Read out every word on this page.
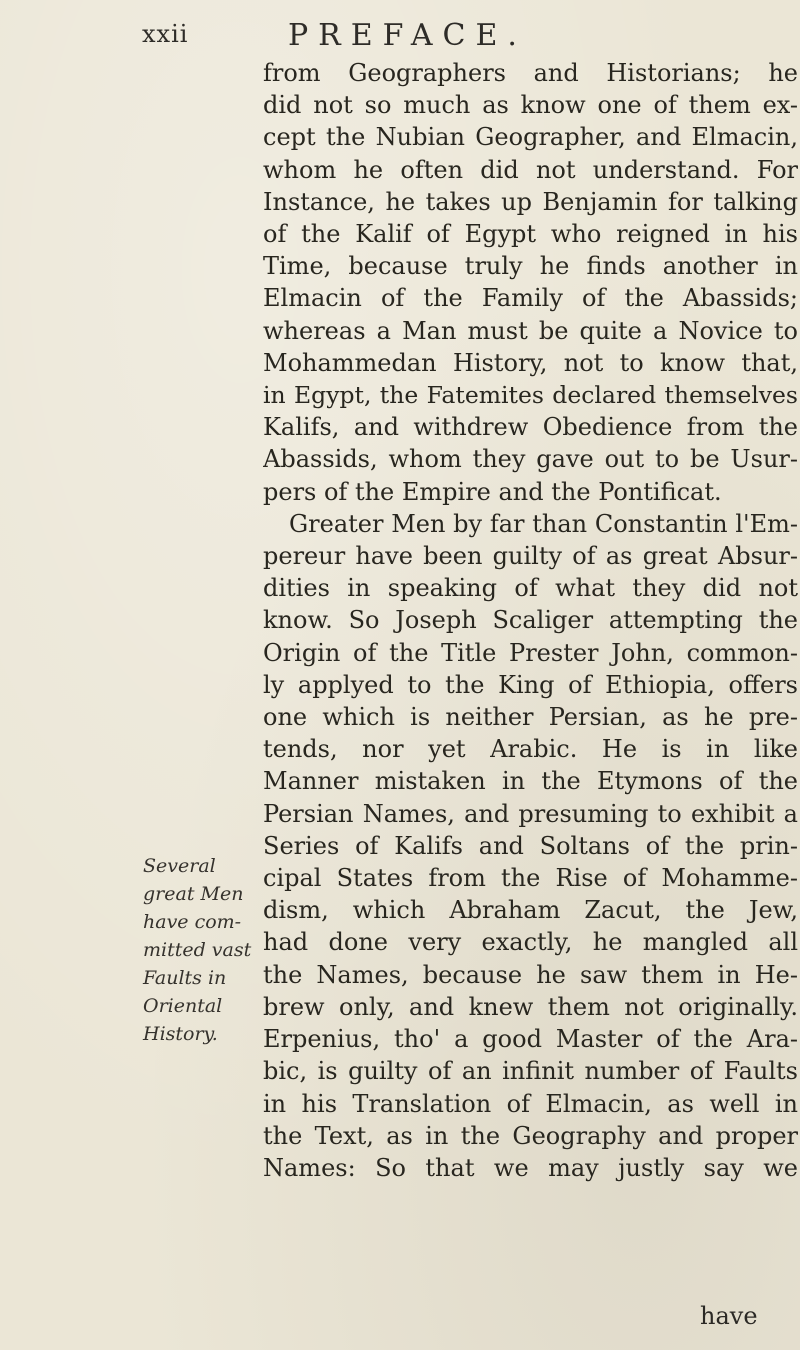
xxii	PREFACE.
Several
great Men
have com-
mitted vast
Faults in
Oriental
History.
from Geographers and Historians; he
did not so much as know one of them ex-
cept the Nubian Geographer, and Elmacin,
whom he often did not understand. For
Instance, he takes up Benjamin for talking
of the Kalif of Egypt who reigned in his
Time, because truly he finds another in
Elmacin of the Family of the Abassids;
whereas a Man must be quite a Novice to
Mohammedan History, not to know that,
in Egypt, the Fatemites declared themselves
Kalifs, and withdrew Obedience from the
Abassids, whom they gave out to be Usur-
pers of the Empire and the Pontificat.
Greater Men by far than Constantin l'Em-
pereur have been guilty of as great Absur-
dities in speaking of what they did not
know. So Joseph Scaliger attempting the
Origin of the Title Prester John, common-
ly applyed to the King of Ethiopia, offers
one which is neither Persian, as he pre-
tends, nor yet Arabic. He is in like
Manner mistaken in the Etymons of the
Persian Names, and presuming to exhibit a
Series of Kalifs and Soltans of the prin-
cipal States from the Rise of Mohamme-
dism, which Abraham Zacut, the Jew,
had done very exactly, he mangled all
the Names, because he saw them in He-
brew only, and knew them not originally.
Erpenius, tho' a good Master of the Ara-
bic, is guilty of an infinit number of Faults
in his Translation of Elmacin, as well in
the Text, as in the Geography and proper
Names: So that we may justly say we
have
